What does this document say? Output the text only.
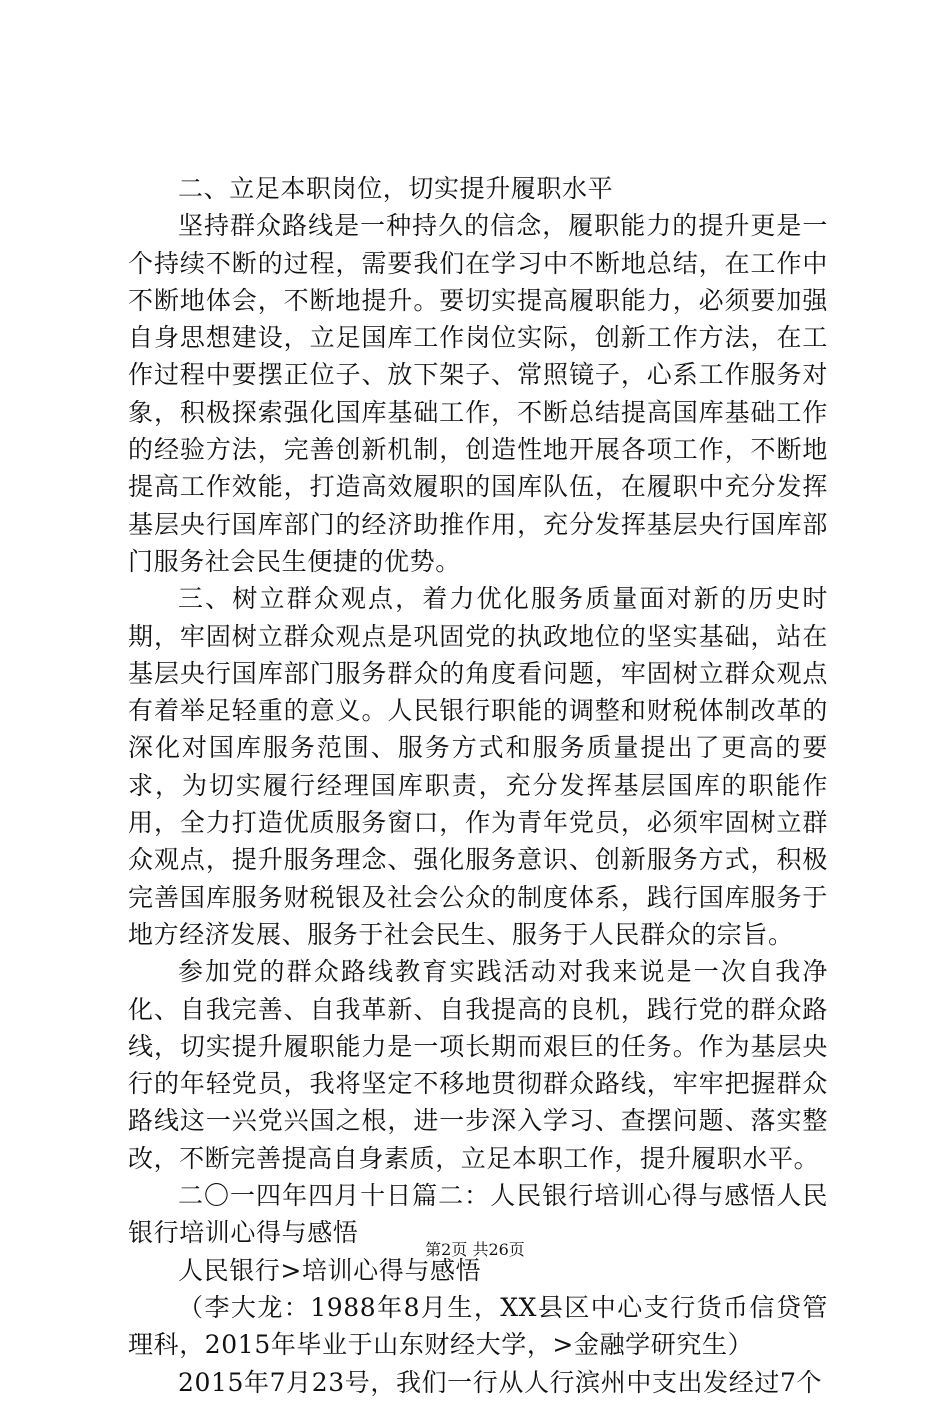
二、立足本职岗位，切实提升履职水平

坚持群众路线是一种持久的信念，履职能力的提升更是一个持续不断的过程，需要我们在学习中不断地总结，在工作中不断地体会，不断地提升。要切实提高履职能力，必须要加强自身思想建设，立足国库工作岗位实际，创新工作方法，在工作过程中要摆正位子、放下架子、常照镜子，心系工作服务对象，积极探索强化国库基础工作，不断总结提高国库基础工作的经验方法，完善创新机制，创造性地开展各项工作，不断地提高工作效能，打造高效履职的国库队伍，在履职中充分发挥基层央行国库部门的经济助推作用，充分发挥基层央行国库部门服务社会民生便捷的优势。

三、树立群众观点，着力优化服务质量面对新的历史时期，牢固树立群众观点是巩固党的执政地位的坚实基础，站在基层央行国库部门服务群众的角度看问题，牢固树立群众观点有着举足轻重的意义。人民银行职能的调整和财税体制改革的深化对国库服务范围、服务方式和服务质量提出了更高的要求，为切实履行经理国库职责，充分发挥基层国库的职能作用，全力打造优质服务窗口，作为青年党员，必须牢固树立群众观点，提升服务理念、强化服务意识、创新服务方式，积极完善国库服务财税银及社会公众的制度体系，践行国库服务于地方经济发展、服务于社会民生、服务于人民群众的宗旨。

参加党的群众路线教育实践活动对我来说是一次自我净化、自我完善、自我革新、自我提高的良机，践行党的群众路线，切实提升履职能力是一项长期而艰巨的任务。作为基层央行的年轻党员，我将坚定不移地贯彻群众路线，牢牢把握群众路线这一兴党兴国之根，进一步深入学习、查摆问题、落实整改，不断完善提高自身素质，立足本职工作，提升履职水平。

二〇一四年四月十日篇二：人民银行培训心得与感悟人民银行培训心得与感悟

人民银行>培训心得与感悟

（李大龙：1988年8月生，XX县区中心支行货币信贷管理科，2015年毕业于山东财经大学，>金融学研究生）

2015年7月23号，我们一行从人行滨州中支出发经过7个

第2页 共26页
